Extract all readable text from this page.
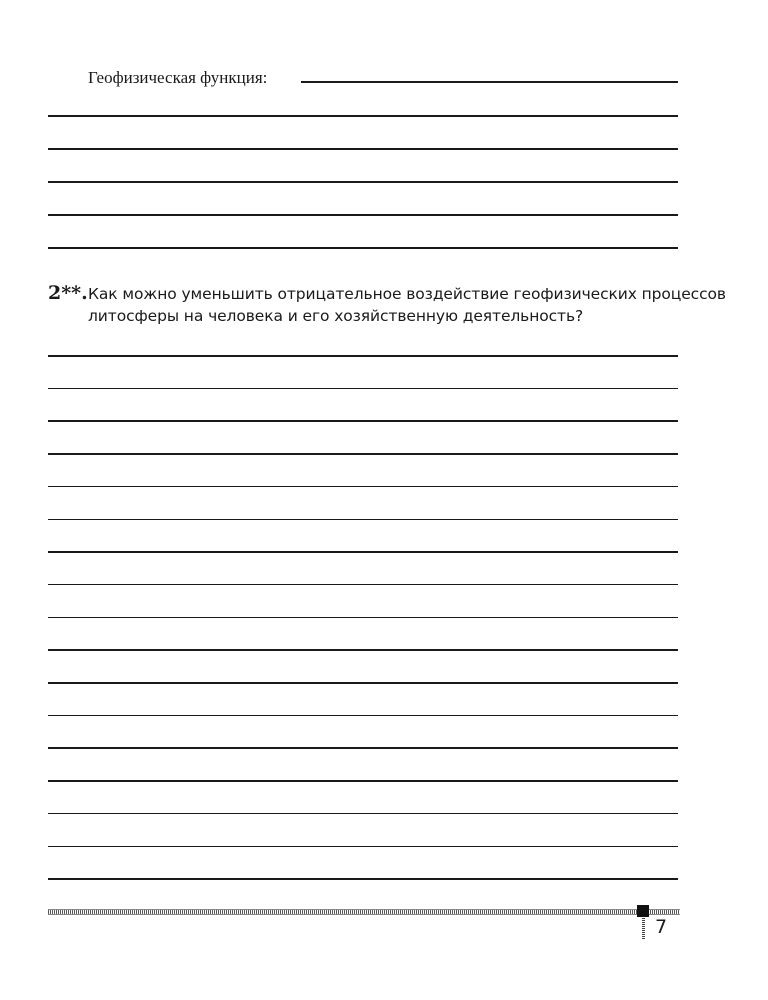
Геофизическая функция:
2**. Как можно уменьшить отрицательное воздействие геофизических процессов
литосферы на человека и его хозяйственную деятельность?
7
